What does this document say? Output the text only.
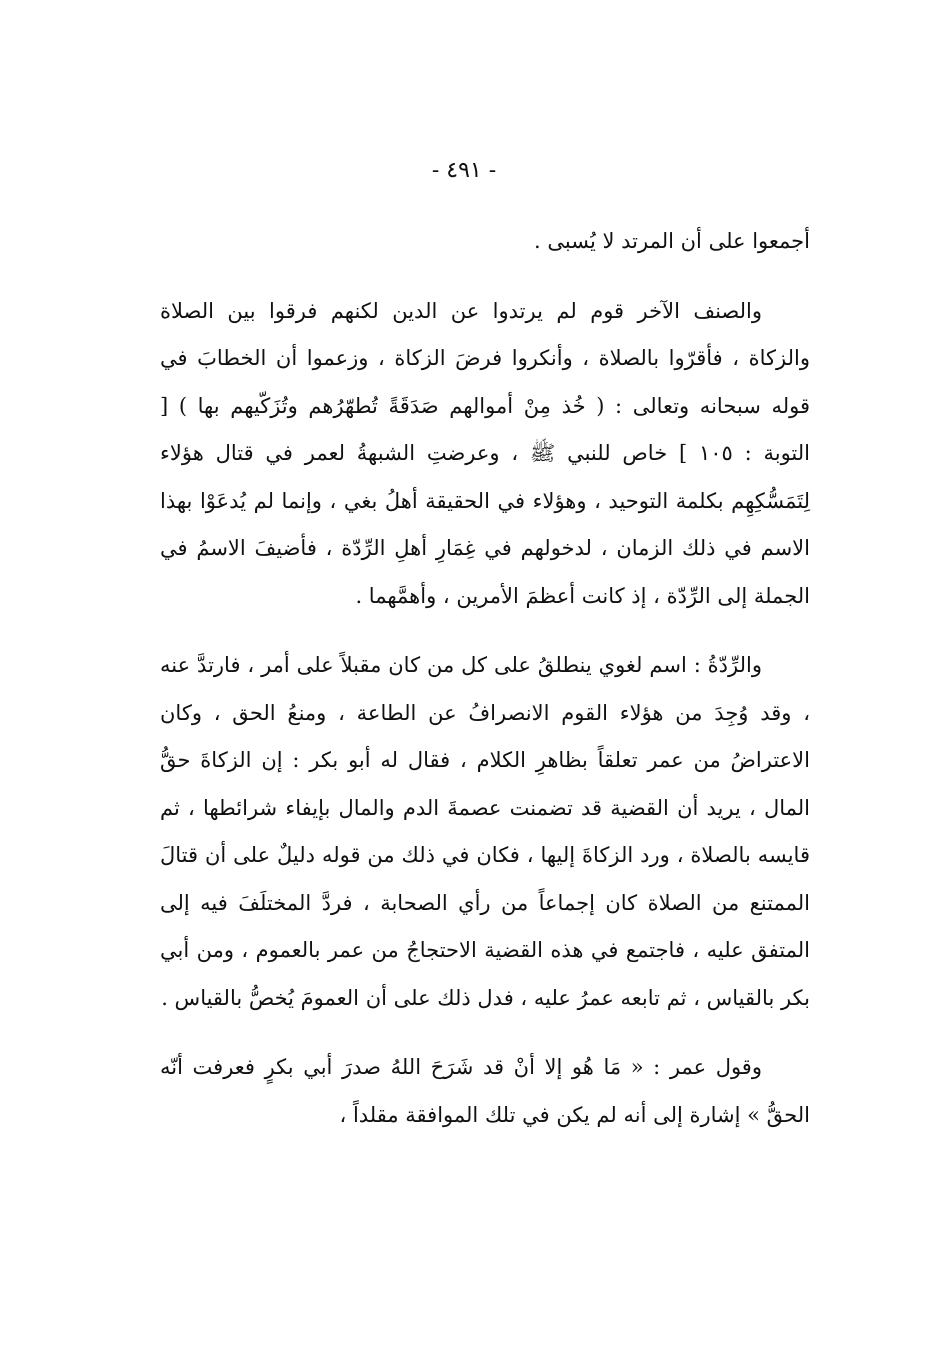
- ٤٩١ -

أجمعوا على أن المرتد لا يُسبى .

والصنف الآخر قوم لم يرتدوا عن الدين لكنهم فرقوا بين الصلاة والزكاة ، فأقرّوا بالصلاة ، وأنكروا فرضَ الزكاة ، وزعموا أن الخطابَ في قوله سبحانه وتعالى : ( خُذ مِنْ أموالهم صَدَقَةً تُطهّرُهم وتُزَكّيهم بها ) [ التوبة : ١٠٥ ] خاص للنبي ﷺ ، وعرضتِ الشبهةُ لعمر في قتال هؤلاء لِتَمَسُّكِهِم بكلمة التوحيد ، وهؤلاء في الحقيقة أهلُ بغي ، وإنما لم يُدعَوْا بهذا الاسم في ذلك الزمان ، لدخولهم في غِمَارِ أهلِ الرِّدّة ، فأضيفَ الاسمُ في الجملة إلى الرِّدّة ، إذ كانت أعظمَ الأمرين ، وأهمَّهما .

والرِّدّةُ : اسم لغوي ينطلقُ على كل من كان مقبلاً على أمر ، فارتدَّ عنه ، وقد وُجِدَ من هؤلاء القوم الانصرافُ عن الطاعة ، ومنعُ الحق ، وكان الاعتراضُ من عمر تعلقاً بظاهرِ الكلام ، فقال له أبو بكر : إن الزكاةَ حقُّ المال ، يريد أن القضية قد تضمنت عصمةَ الدم والمال بإيفاء شرائطها ، ثم قايسه بالصلاة ، ورد الزكاةَ إليها ، فكان في ذلك من قوله دليلٌ على أن قتالَ الممتنع من الصلاة كان إجماعاً من رأي الصحابة ، فردَّ المختلَفَ فيه إلى المتفق عليه ، فاجتمع في هذه القضية الاحتجاجُ من عمر بالعموم ، ومن أبي بكر بالقياس ، ثم تابعه عمرُ عليه ، فدل ذلك على أن العمومَ يُخصُّ بالقياس .

وقول عمر : « مَا هُو إلا أنْ قد شَرَحَ اللهُ صدرَ أبي بكرٍ فعرفت أنّه الحقُّ » إشارة إلى أنه لم يكن في تلك الموافقة مقلداً ،
